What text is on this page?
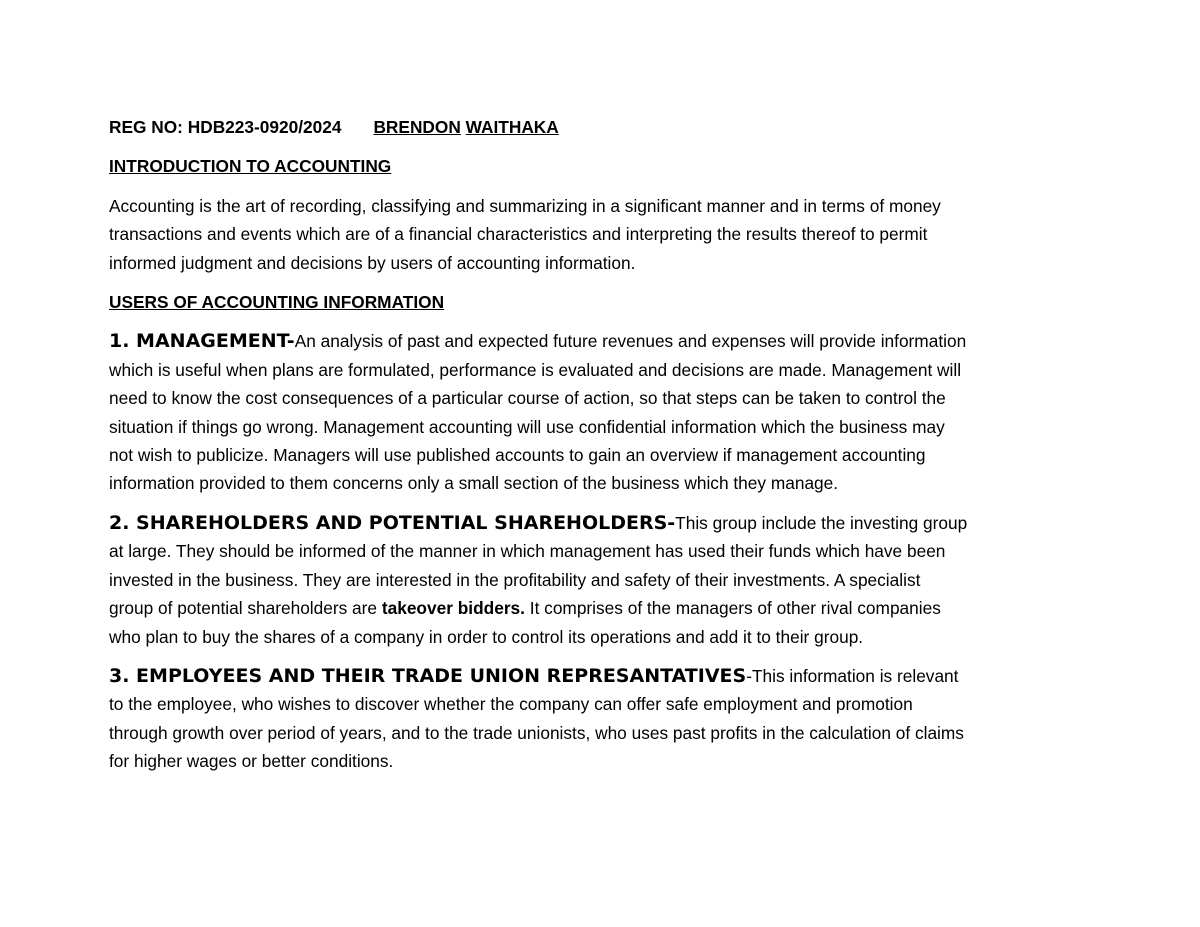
REG NO: HDB223-0920/2024 BRENDON WAITHAKA
INTRODUCTION TO ACCOUNTING
Accounting is the art of recording, classifying and summarizing in a significant manner and in terms of money
transactions and events which are of a financial characteristics and interpreting the results thereof to permit
informed judgment and decisions by users of accounting information.
USERS OF ACCOUNTING INFORMATION
1. MANAGEMENT-An analysis of past and expected future revenues and expenses will provide information
which is useful when plans are formulated, performance is evaluated and decisions are made. Management will
need to know the cost consequences of a particular course of action, so that steps can be taken to control the
situation if things go wrong. Management accounting will use confidential information which the business may
not wish to publicize. Managers will use published accounts to gain an overview if management accounting
information provided to them concerns only a small section of the business which they manage.
2. SHAREHOLDERS AND POTENTIAL SHAREHOLDERS-This group include the investing group
at large. They should be informed of the manner in which management has used their funds which have been
invested in the business. They are interested in the profitability and safety of their investments. A specialist
group of potential shareholders are takeover bidders. It comprises of the managers of other rival companies
who plan to buy the shares of a company in order to control its operations and add it to their group.
3. EMPLOYEES AND THEIR TRADE UNION REPRESANTATIVES-This information is relevant
to the employee, who wishes to discover whether the company can offer safe employment and promotion
through growth over period of years, and to the trade unionists, who uses past profits in the calculation of claims
for higher wages or better conditions.
